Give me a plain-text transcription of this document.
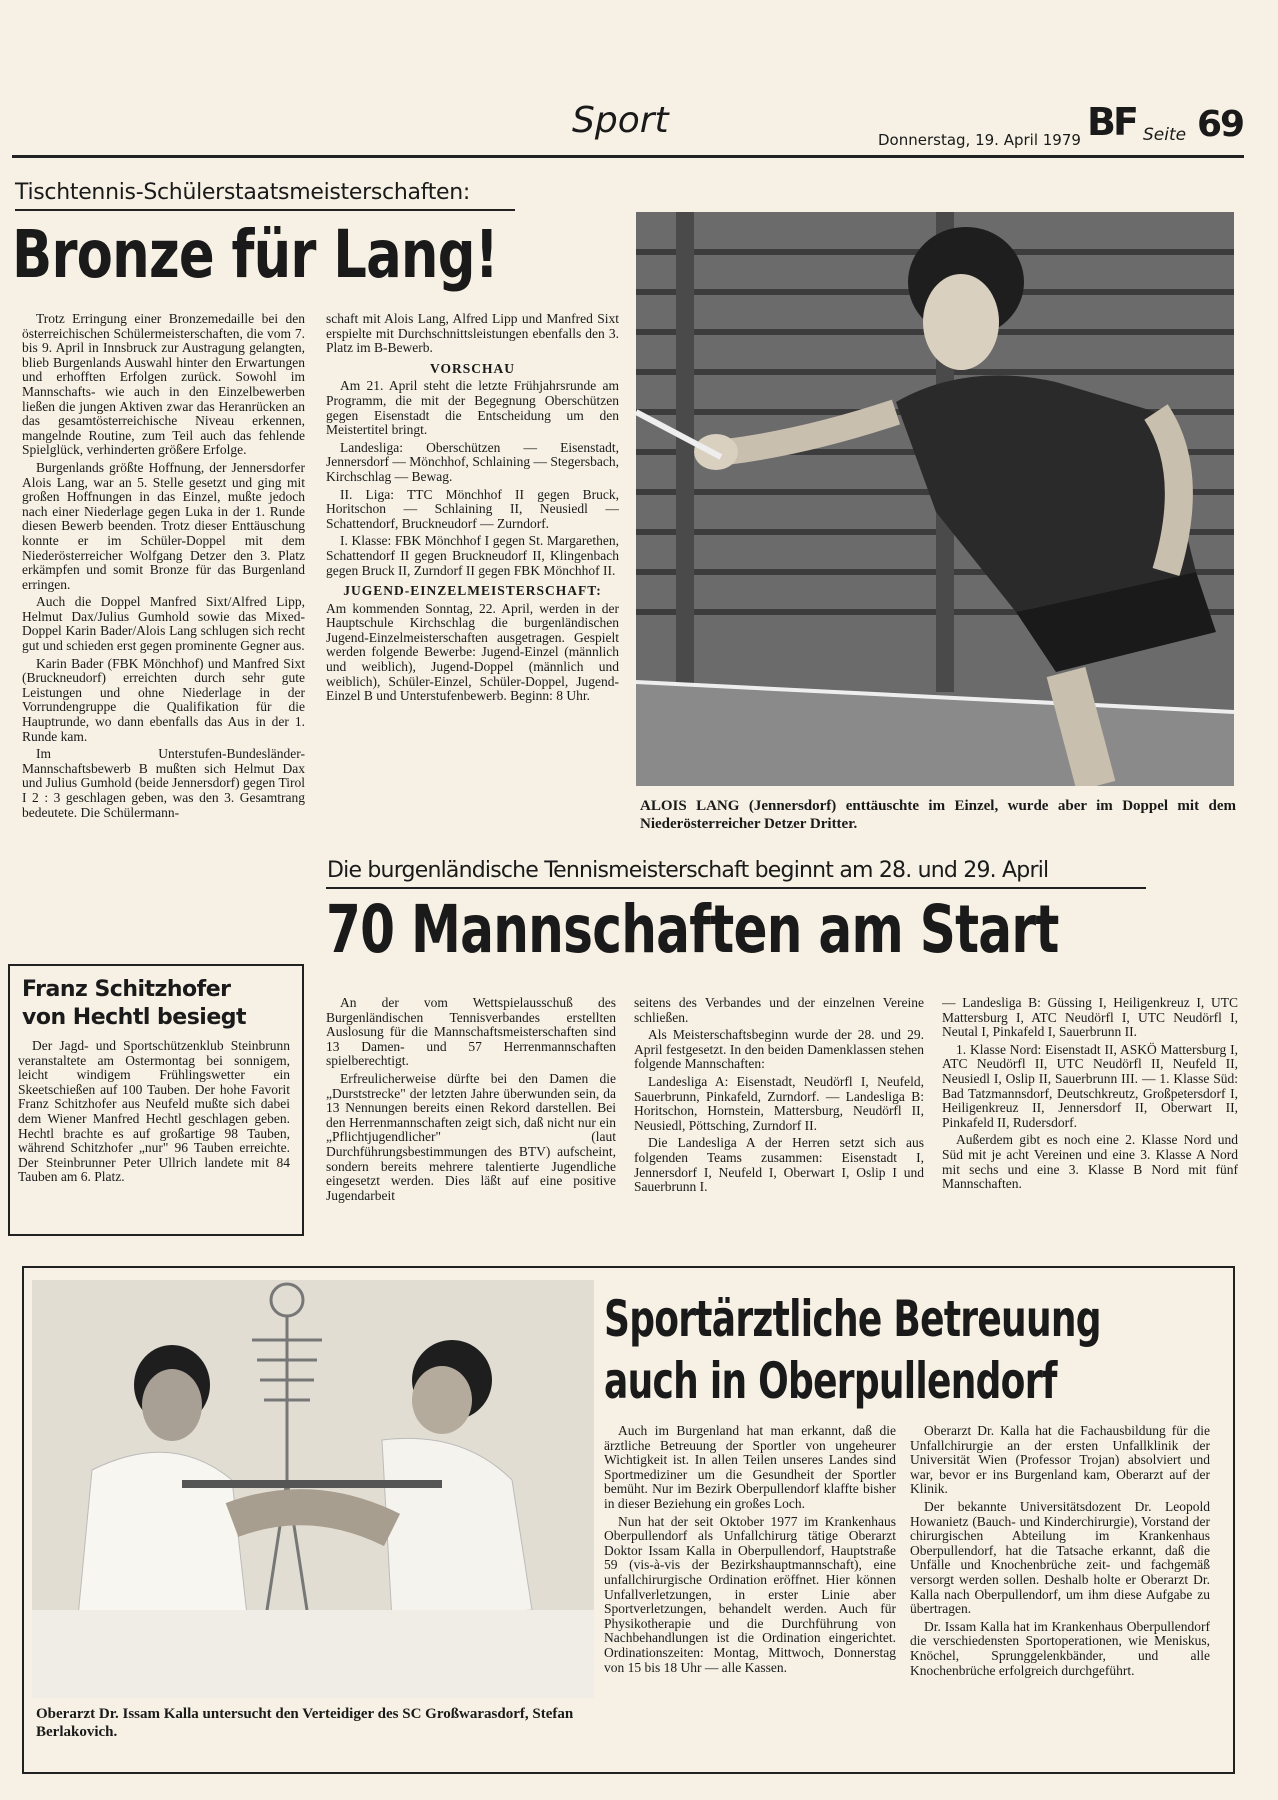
Sport	Donnerstag, 19. April 1979 BF Seite 69
Tischtennis-Schülerstaatsmeisterschaften:
Bronze für Lang!

Trotz Erringung einer Bronzemedaille bei den österreichischen Schülermeisterschaften, die vom 7. bis 9. April in Innsbruck zur Austragung gelangten, blieb Burgenlands Auswahl hinter den Erwartungen und erhofften Erfolgen zurück. Sowohl im Mannschafts- wie auch in den Einzelbewerben ließen die jungen Aktiven zwar das Heranrücken an das gesamtösterreichische Niveau erkennen, mangelnde Routine, zum Teil auch das fehlende Spielglück, verhinderten größere Erfolge.

Burgenlands größte Hoffnung, der Jennersdorfer Alois Lang, war an 5. Stelle gesetzt und ging mit großen Hoffnungen in das Einzel, mußte jedoch nach einer Niederlage gegen Luka in der 1. Runde diesen Bewerb beenden. Trotz dieser Enttäuschung konnte er im Schüler-Doppel mit dem Niederösterreicher Wolfgang Detzer den 3. Platz erkämpfen und somit Bronze für das Burgenland erringen.

Auch die Doppel Manfred Sixt/Alfred Lipp, Helmut Dax/Julius Gumhold sowie das Mixed-Doppel Karin Bader/Alois Lang schlugen sich recht gut und schieden erst gegen prominente Gegner aus.

Karin Bader (FBK Mönchhof) und Manfred Sixt (Bruckneudorf) erreichten durch sehr gute Leistungen und ohne Niederlage in der Vorrundengruppe die Qualifikation für die Hauptrunde, wo dann ebenfalls das Aus in der 1. Runde kam.

Im Unterstufen-Bundesländer-Mannschaftsbewerb B mußten sich Helmut Dax und Julius Gumhold (beide Jennersdorf) gegen Tirol I 2 : 3 geschlagen geben, was den 3. Gesamtrang bedeutete. Die Schülermann-

schaft mit Alois Lang, Alfred Lipp und Manfred Sixt erspielte mit Durchschnittsleistungen ebenfalls den 3. Platz im B-Bewerb.

VORSCHAU

Am 21. April steht die letzte Frühjahrsrunde am Programm, die mit der Begegnung Oberschützen gegen Eisenstadt die Entscheidung um den Meistertitel bringt.

Landesliga: Oberschützen — Eisenstadt, Jennersdorf — Mönchhof, Schlaining — Stegersbach, Kirchschlag — Bewag.

II. Liga: TTC Mönchhof II gegen Bruck, Horitschon — Schlaining II, Neusiedl — Schattendorf, Bruckneudorf — Zurndorf.

I. Klasse: FBK Mönchhof I gegen St. Margarethen, Schattendorf II gegen Bruckneudorf II, Klingenbach gegen Bruck II, Zurndorf II gegen FBK Mönchhof II.

JUGEND-EINZELMEISTERSCHAFT:

Am kommenden Sonntag, 22. April, werden in der Hauptschule Kirchschlag die burgenländischen Jugend-Einzelmeisterschaften ausgetragen. Gespielt werden folgende Bewerbe: Jugend-Einzel (männlich und weiblich), Jugend-Doppel (männlich und weiblich), Schüler-Einzel, Schüler-Doppel, Jugend-Einzel B und Unterstufenbewerb. Beginn: 8 Uhr.

ALOIS LANG (Jennersdorf) enttäuschte im Einzel, wurde aber im Doppel mit dem Niederösterreicher Detzer Dritter.
Franz Schitzhofer
von Hechtl besiegt

Der Jagd- und Sportschützenklub Steinbrunn veranstaltete am Ostermontag bei sonnigem, leicht windigem Frühlingswetter ein Skeetschießen auf 100 Tauben. Der hohe Favorit Franz Schitzhofer aus Neufeld mußte sich dabei dem Wiener Manfred Hechtl geschlagen geben. Hechtl brachte es auf großartige 98 Tauben, während Schitzhofer „nur" 96 Tauben erreichte. Der Steinbrunner Peter Ullrich landete mit 84 Tauben am 6. Platz.

Die burgenländische Tennismeisterschaft beginnt am 28. und 29. April
70 Mannschaften am Start

An der vom Wettspielausschuß des Burgenländischen Tennisverbandes erstellten Auslosung für die Mannschaftsmeisterschaften sind 13 Damen- und 57 Herrenmannschaften spielberechtigt.

Erfreulicherweise dürfte bei den Damen die „Durststrecke" der letzten Jahre überwunden sein, da 13 Nennungen bereits einen Rekord darstellen. Bei den Herrenmannschaften zeigt sich, daß nicht nur ein „Pflichtjugendlicher" (laut Durchführungsbestimmungen des BTV) aufscheint, sondern bereits mehrere talentierte Jugendliche eingesetzt werden. Dies läßt auf eine positive Jugendarbeit

seitens des Verbandes und der einzelnen Vereine schließen.

Als Meisterschaftsbeginn wurde der 28. und 29. April festgesetzt. In den beiden Damenklassen stehen folgende Mannschaften:

Landesliga A: Eisenstadt, Neudörfl I, Neufeld, Sauerbrunn, Pinkafeld, Zurndorf. — Landesliga B: Horitschon, Hornstein, Mattersburg, Neudörfl II, Neusiedl, Pöttsching, Zurndorf II.

Die Landesliga A der Herren setzt sich aus folgenden Teams zusammen: Eisenstadt I, Jennersdorf I, Neufeld I, Oberwart I, Oslip I und Sauerbrunn I.

— Landesliga B: Güssing I, Heiligenkreuz I, UTC Mattersburg I, ATC Neudörfl I, UTC Neudörfl I, Neutal I, Pinkafeld I, Sauerbrunn II.

1. Klasse Nord: Eisenstadt II, ASKÖ Mattersburg I, ATC Neudörfl II, UTC Neudörfl II, Neufeld II, Neusiedl I, Oslip II, Sauerbrunn III. — 1. Klasse Süd: Bad Tatzmannsdorf, Deutschkreutz, Großpetersdorf I, Heiligenkreuz II, Jennersdorf II, Oberwart II, Pinkafeld II, Rudersdorf.

Außerdem gibt es noch eine 2. Klasse Nord und Süd mit je acht Vereinen und eine 3. Klasse A Nord mit sechs und eine 3. Klasse B Nord mit fünf Mannschaften.

Oberarzt Dr. Issam Kalla untersucht den Verteidiger des SC Großwarasdorf, Stefan Berlakovich.
Sportärztliche Betreuung
auch in Oberpullendorf

Auch im Burgenland hat man erkannt, daß die ärztliche Betreuung der Sportler von ungeheurer Wichtigkeit ist. In allen Teilen unseres Landes sind Sportmediziner um die Gesundheit der Sportler bemüht. Nur im Bezirk Oberpullendorf klaffte bisher in dieser Beziehung ein großes Loch.

Nun hat der seit Oktober 1977 im Krankenhaus Oberpullendorf als Unfallchirurg tätige Oberarzt Doktor Issam Kalla in Oberpullendorf, Hauptstraße 59 (vis-à-vis der Bezirkshauptmannschaft), eine unfallchirurgische Ordination eröffnet. Hier können Unfallverletzungen, in erster Linie aber Sportverletzungen, behandelt werden. Auch für Physikotherapie und die Durchführung von Nachbehandlungen ist die Ordination eingerichtet. Ordinationszeiten: Montag, Mittwoch, Donnerstag von 15 bis 18 Uhr — alle Kassen.

Oberarzt Dr. Kalla hat die Fachausbildung für die Unfallchirurgie an der ersten Unfallklinik der Universität Wien (Professor Trojan) absolviert und war, bevor er ins Burgenland kam, Oberarzt auf der Klinik.

Der bekannte Universitätsdozent Dr. Leopold Howanietz (Bauch- und Kinderchirurgie), Vorstand der chirurgischen Abteilung im Krankenhaus Oberpullendorf, hat die Tatsache erkannt, daß die Unfälle und Knochenbrüche zeit- und fachgemäß versorgt werden sollen. Deshalb holte er Oberarzt Dr. Kalla nach Oberpullendorf, um ihm diese Aufgabe zu übertragen.

Dr. Issam Kalla hat im Krankenhaus Oberpullendorf die verschiedensten Sportoperationen, wie Meniskus, Knöchel, Sprunggelenkbänder, und alle Knochenbrüche erfolgreich durchgeführt.
